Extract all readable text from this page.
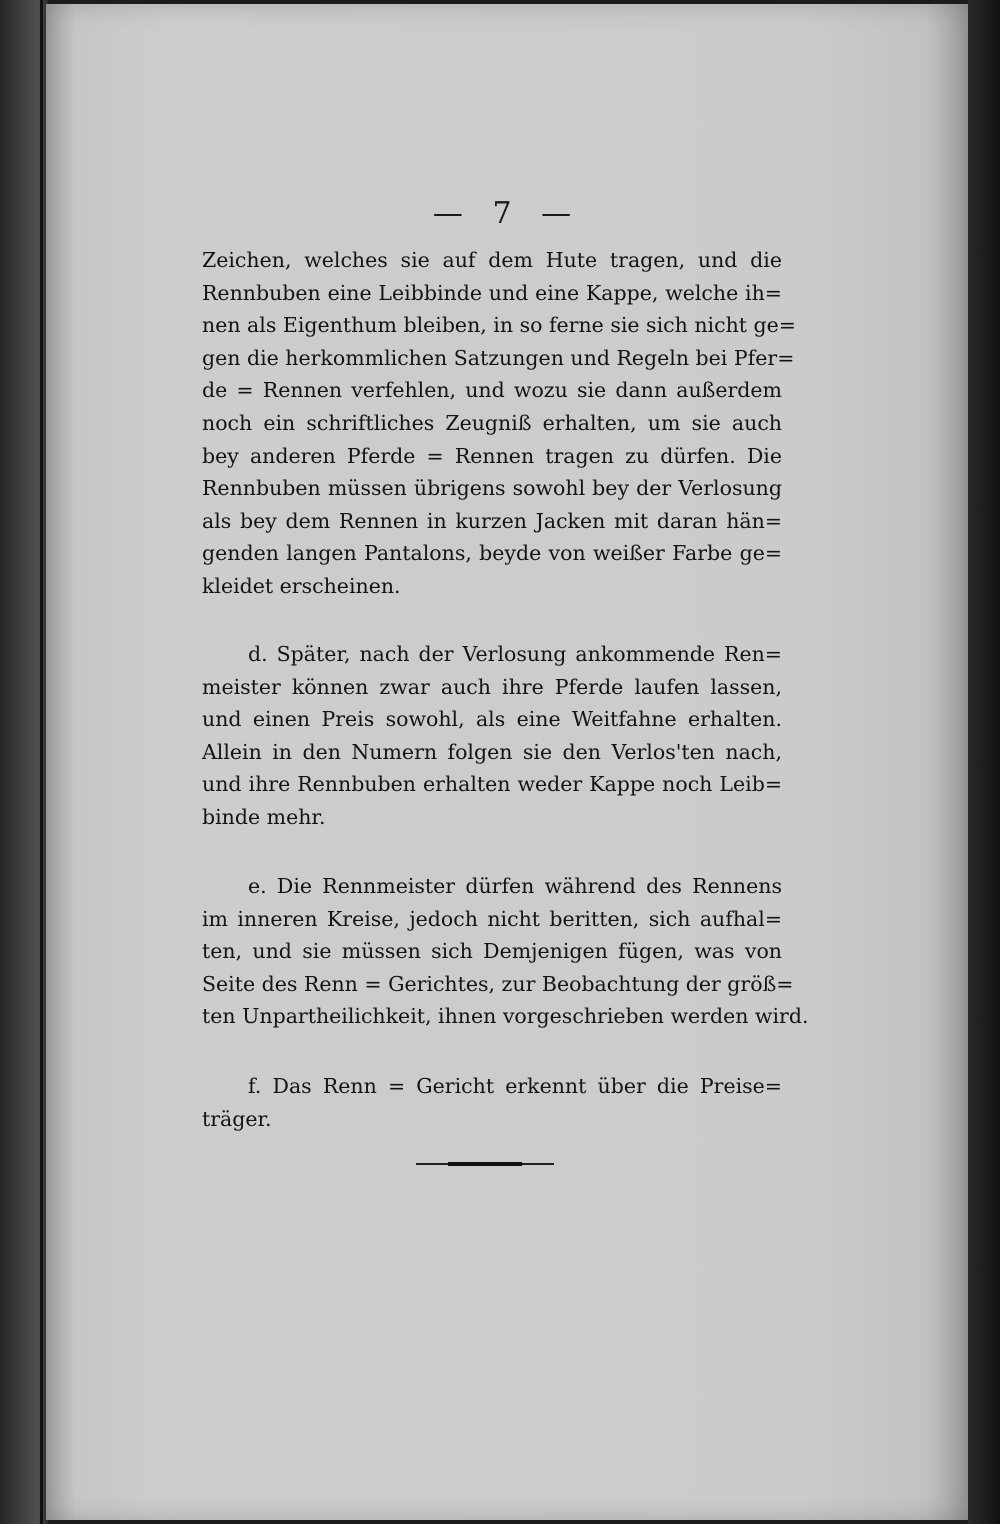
— 7 —
Zeichen, welches sie auf dem Hute tragen, und die
Rennbuben eine Leibbinde und eine Kappe, welche ih=
nen als Eigenthum bleiben, in so ferne sie sich nicht ge=
gen die herkommlichen Satzungen und Regeln bei Pfer=
de = Rennen verfehlen, und wozu sie dann außerdem
noch ein schriftliches Zeugniß erhalten, um sie auch
bey anderen Pferde = Rennen tragen zu dürfen. Die
Rennbuben müssen übrigens sowohl bey der Verlosung
als bey dem Rennen in kurzen Jacken mit daran hän=
genden langen Pantalons, beyde von weißer Farbe ge=
kleidet erscheinen.
d. Später, nach der Verlosung ankommende Ren=
meister können zwar auch ihre Pferde laufen lassen,
und einen Preis sowohl, als eine Weitfahne erhalten.
Allein in den Numern folgen sie den Verlos'ten nach,
und ihre Rennbuben erhalten weder Kappe noch Leib=
binde mehr.
e. Die Rennmeister dürfen während des Rennens
im inneren Kreise, jedoch nicht beritten, sich aufhal=
ten, und sie müssen sich Demjenigen fügen, was von
Seite des Renn = Gerichtes, zur Beobachtung der größ=
ten Unpartheilichkeit, ihnen vorgeschrieben werden wird.
f. Das Renn = Gericht erkennt über die Preise=
träger.
